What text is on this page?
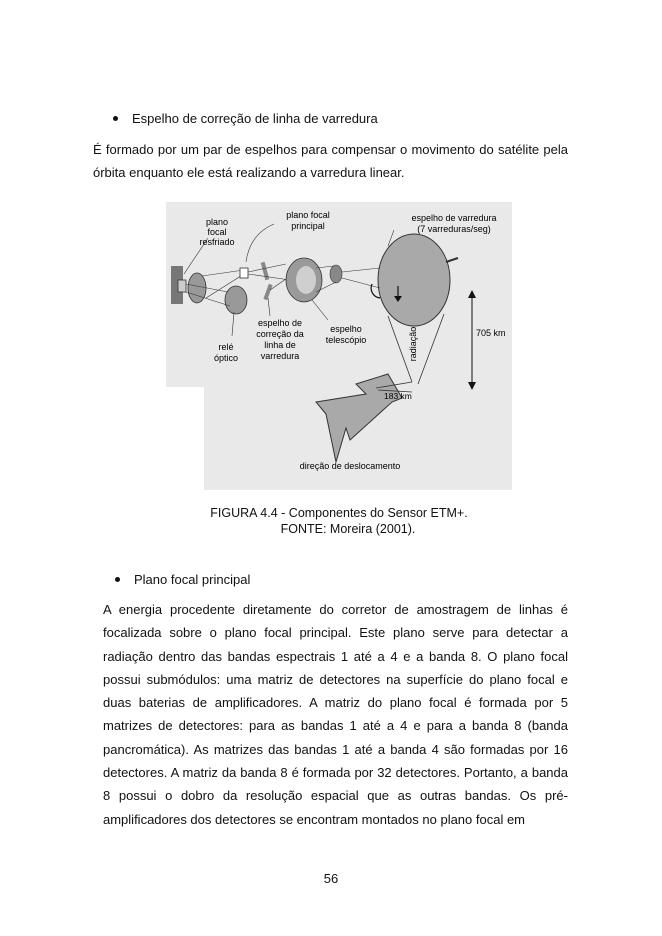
Espelho de correção de linha de varredura

É formado por um par de espelhos para compensar o movimento do satélite pela órbita enquanto ele está realizando a varredura linear.

plano
focal
resfriado
plano focal
principal
espelho de varredura
(7 varreduras/seg)
relé
óptico
espelho de
correção da
linha de
varredura
espelho
telescópio	radiação	705 km
183 km
direção de deslocamento
FIGURA 4.4 - Componentes do Sensor ETM+.
FONTE: Moreira (2001).
Plano focal principal

A energia procedente diretamente do corretor de amostragem de linhas é focalizada sobre o plano focal principal. Este plano serve para detectar a radiação dentro das bandas espectrais 1 até a 4 e a banda 8. O plano focal possui submódulos: uma matriz de detectores na superfície do plano focal e duas baterias de amplificadores. A matriz do plano focal é formada por 5 matrizes de detectores: para as bandas 1 até a 4 e para a banda 8 (banda pancromática). As matrizes das bandas 1 até a banda 4 são formadas por 16 detectores. A matriz da banda 8 é formada por 32 detectores. Portanto, a banda 8 possui o dobro da resolução espacial que as outras bandas. Os pré-amplificadores dos detectores se encontram montados no plano focal em

56
